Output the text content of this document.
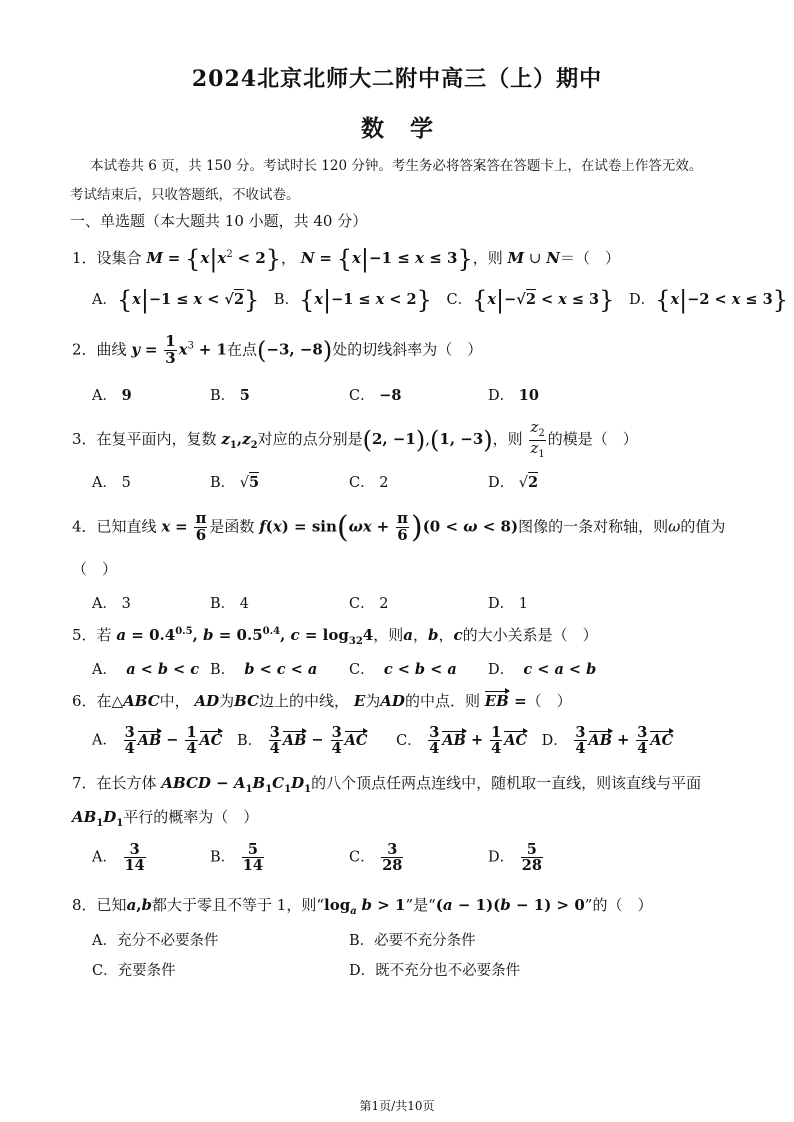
2024北京北师大二附中高三（上）期中
数学
本试卷共 6 页，共 150 分。考试时长 120 分钟。考生务必将答案答在答题卡上，在试卷上作答无效。
考试结束后，只收答题纸，不收试卷。
一、单选题（本大题共 10 小题，共 40 分）
1．设集合 $M = \{x|x^2 < 2\}$， N = {x|−1 ≤ x ≤ 3}，则 M ∪ N＝（　）
A．{x|−1 ≤ x < √2} B．{x|−1 ≤ x < 2} C．{x|−√2 < x ≤ 3} D．{x|−2 < x ≤ 3}
2．曲线 $y = \frac{1}{3} x^3 + 1$在点(−3, −8)处的切线斜率为（　）
A． 9	B． 5	C． −8	D． 10
3．在复平面内，复数 $z_1,z_2$对应的点分别是(2, −1),(1, −3)，则 $\frac{z_2}{z_1}$ 的模是（　）
A． 5	B． √5	C． 2	D． √2
4．已知直线 $x = \frac{\pi}{6}$ 是函数 $f(x) = \sin(\omega x + \frac{\pi}{6} )(0 < \omega < 8)$图像的一条对称轴，则ω的值为
（　）
A． 3	B． 4	C． 2	D． 1
5．若 $a = 0.4^{0.5}$, $b = 0.5^{0.4}$, $c = \log_{32}4$，则a，b，c的大小关系是（　）
A． a < b < c B． b < c < a C． c < b < a D． c < a < b
6．在△ABC中， AD为BC边上的中线， E为AD的中点．则 EB =（　）
A． $\frac{3}{4}$ AB − $\frac{1}{4}$ AC B． $\frac{3}{4}$ AB − $\frac{3}{4}$ AC C． $\frac{3}{4}$ AB + $\frac{1}{4}$ AC D． $\frac{3}{4}$ AB + $\frac{3}{4}$ AC
7．在长方体 ABCD − $A_1B_1C_1D_1$的八个顶点任两点连线中，随机取一直线，则该直线与平面
$AB_1D_1$平行的概率为（　）
A． $\frac{3}{14}$	B． $\frac{5}{14}$	C． $\frac{3}{28}$	D． $\frac{5}{28}$
8．已知a,b都大于零且不等于 1，则“$\log_a$ b > 1”是“(a − 1)(b − 1) > 0”的（　）
A．充分不必要条件	B．必要不充分条件
C．充要条件	D．既不充分也不必要条件
第1页/共10页
